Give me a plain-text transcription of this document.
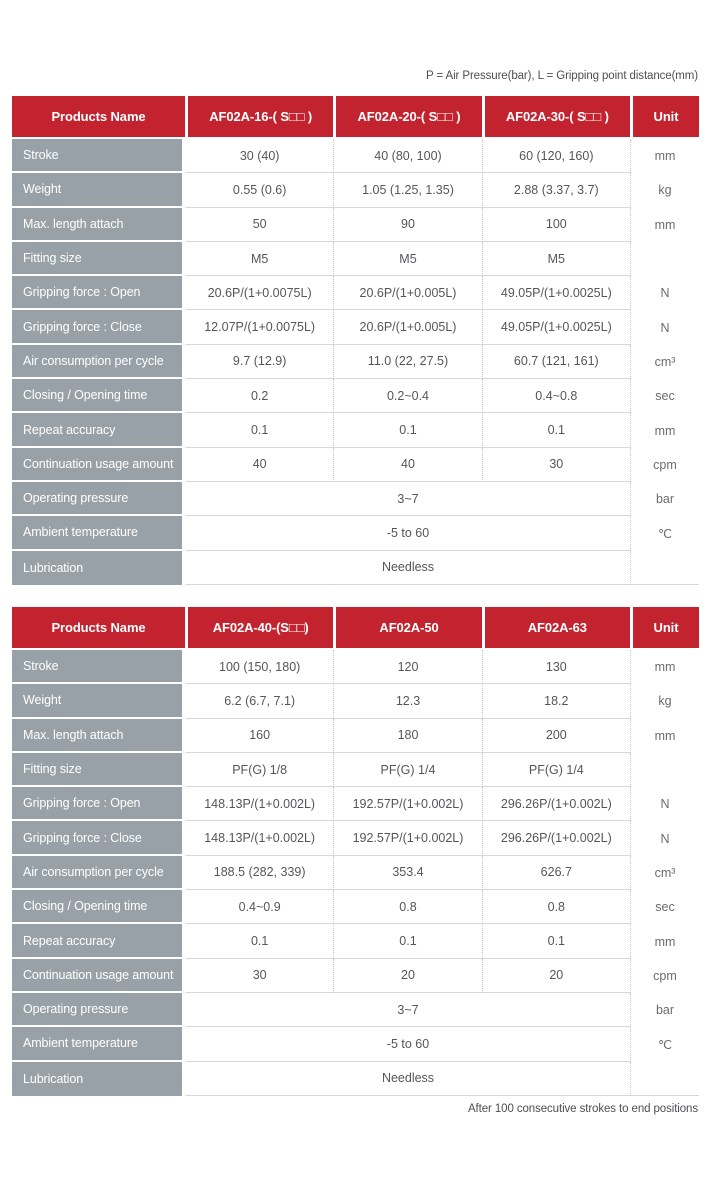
P = Air Pressure(bar), L = Gripping point distance(mm)
Products Name	AF02A-16-( S□□ )	AF02A-20-( S□□ )	AF02A-30-( S□□ )	Unit
Stroke	30 (40)	40 (80, 100)	60 (120, 160)	mm
Weight	0.55 (0.6)	1.05 (1.25, 1.35)	2.88 (3.37, 3.7)	kg
Max. length attach	50	90	100	mm
Fitting size	M5	M5	M5
Gripping force : Open	20.6P/(1+0.0075L)	20.6P/(1+0.005L)	49.05P/(1+0.0025L)	N
Gripping force : Close	12.07P/(1+0.0075L)	20.6P/(1+0.005L)	49.05P/(1+0.0025L)	N
Air consumption per cycle	9.7 (12.9)	11.0 (22, 27.5)	60.7 (121, 161)	cm³
Closing / Opening time	0.2	0.2~0.4	0.4~0.8	sec
Repeat accuracy	0.1	0.1	0.1	mm
Continuation usage amount	40	40	30	cpm
Operating pressure	3~7	bar
Ambient temperature	-5 to 60	℃
Lubrication	Needless
Products Name	AF02A-40-(S□□)	AF02A-50	AF02A-63	Unit
Stroke	100 (150, 180)	120	130	mm
Weight	6.2 (6.7, 7.1)	12.3	18.2	kg
Max. length attach	160	180	200	mm
Fitting size	PF(G) 1/8	PF(G) 1/4	PF(G) 1/4
Gripping force : Open	148.13P/(1+0.002L)	192.57P/(1+0.002L)	296.26P/(1+0.002L)	N
Gripping force : Close	148.13P/(1+0.002L)	192.57P/(1+0.002L)	296.26P/(1+0.002L)	N
Air consumption per cycle	188.5 (282, 339)	353.4	626.7	cm³
Closing / Opening time	0.4~0.9	0.8	0.8	sec
Repeat accuracy	0.1	0.1	0.1	mm
Continuation usage amount	30	20	20	cpm
Operating pressure	3~7	bar
Ambient temperature	-5 to 60	℃
Lubrication	Needless
After 100 consecutive strokes to end positions
